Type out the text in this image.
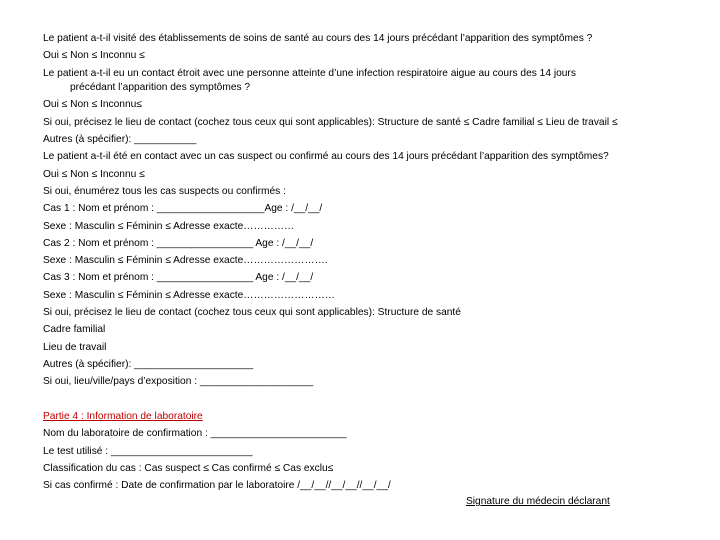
Le patient a-t-il visité des établissements de soins de santé au cours des 14 jours précédant l’apparition des symptômes ?
Oui ≤ Non ≤ Inconnu ≤
Le patient a-t-il eu un contact étroit avec une personne atteinte d’une infection respiratoire aigue au cours des 14 jours
précédant l’apparition des symptômes ?
Oui ≤ Non ≤ Inconnu≤
Si oui, précisez le lieu de contact (cochez tous ceux qui sont applicables): Structure de santé ≤ Cadre familial ≤ Lieu de travail ≤
Autres (à spécifier): ___________
Le patient a-t-il été en contact avec un cas suspect ou confirmé au cours des 14 jours précédant l’apparition des symptômes?
Oui ≤ Non ≤ Inconnu ≤
Si oui, énumérez tous les cas suspects ou confirmés :
Cas 1 : Nom et prénom : ___________________Age : /__/__/
Sexe : Masculin ≤ Féminin ≤ Adresse exacte……………
Cas 2 : Nom et prénom : _________________ Age : /__/__/
Sexe : Masculin ≤ Féminin ≤ Adresse exacte…………………….
Cas 3 : Nom et prénom : _________________ Age : /__/__/
Sexe : Masculin ≤ Féminin ≤ Adresse exacte………………………
Si oui, précisez le lieu de contact (cochez tous ceux qui sont applicables): Structure de santé
Cadre familial
Lieu de travail
Autres (à spécifier): _____________________
Si oui, lieu/ville/pays d’exposition : ____________________
Partie 4 : Information de laboratoire
Nom du laboratoire de confirmation : ________________________
Le test utilisé : _________________________
Classification du cas : Cas suspect ≤ Cas confirmé ≤ Cas exclu≤
Si cas confirmé : Date de confirmation par le laboratoire /__/__//__/__//__/__/
Signature du médecin déclarant
